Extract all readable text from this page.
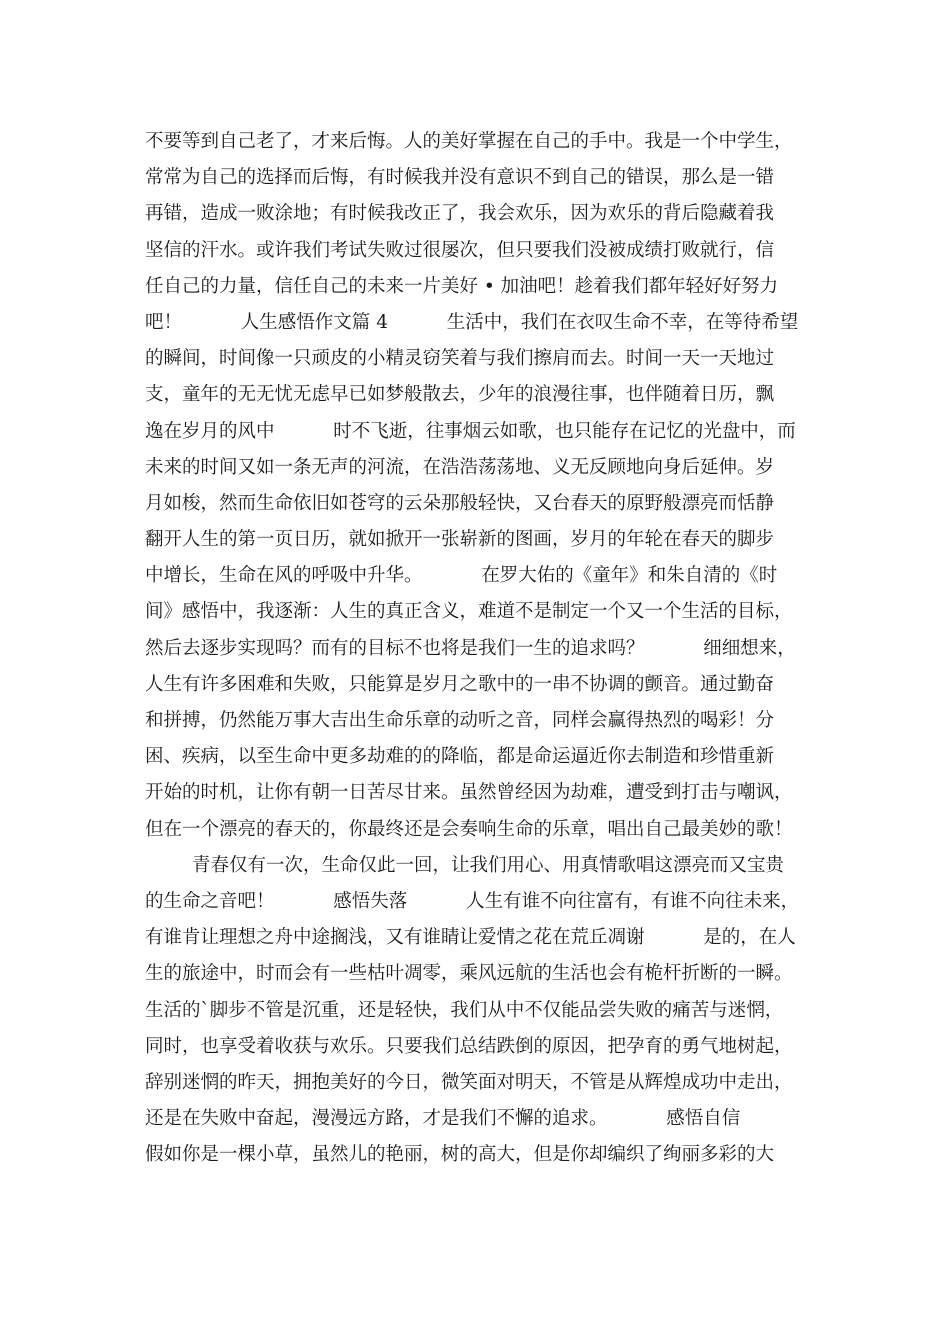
不要等到自己老了，才来后悔。人的美好掌握在自己的手中。我是一个中学生，
常常为自己的选择而后悔，有时候我并没有意识不到自己的错误，那么是一错
再错，造成一败涂地；有时候我改正了，我会欢乐，因为欢乐的背后隐藏着我
坚信的汗水。或许我们考试失败过很屡次，但只要我们没被成绩打败就行，信
任自己的力量，信任自己的未来一片美好 • 加油吧！趁着我们都年轻好好努力
吧！          人生感悟作文篇 4          生活中，我们在衣叹生命不幸，在等待希望
的瞬间，时间像一只顽皮的小精灵窃笑着与我们擦肩而去。时间一天一天地过
支，童年的无无忧无虑早已如梦般散去，少年的浪漫往事，也伴随着日历，飘
逸在岁月的风中          时不飞逝，往事烟云如歌，也只能存在记忆的光盘中，而
未来的时间又如一条无声的河流，在浩浩荡荡地、义无反顾地向身后延伸。岁
月如梭，然而生命依旧如苍穹的云朵那般轻快，又台春天的原野般漂亮而恬静
翻开人生的第一页日历，就如掀开一张崭新的图画，岁月的年轮在春天的脚步
中增长，生命在风的呼吸中升华。          在罗大佑的《童年》和朱自清的《时
间》感悟中，我逐渐：人生的真正含义，难道不是制定一个又一个生活的目标，
然后去逐步实现吗？而有的目标不也将是我们一生的追求吗？          细细想来，
人生有许多困难和失败，只能算是岁月之歌中的一串不协调的颤音。通过勤奋
和拼搏，仍然能万事大吉出生命乐章的动听之音，同样会赢得热烈的喝彩！分
困、疾病，以至生命中更多劫难的的降临，都是命运逼近你去制造和珍惜重新
开始的时机，让你有朝一日苦尽甘来。虽然曾经因为劫难，遭受到打击与嘲讽，
但在一个漂亮的春天的，你最终还是会奏响生命的乐章，唱出自己最美妙的歌！
青春仅有一次，生命仅此一回，让我们用心、用真情歌唱这漂亮而又宝贵
的生命之音吧！          感悟失落          人生有谁不向往富有，有谁不向往未来，
有谁肯让理想之舟中途搁浅，又有谁睛让爱情之花在荒丘凋谢          是的，在人
生的旅途中，时而会有一些枯叶凋零，乘风远航的生活也会有桅杆折断的一瞬。
生活的`脚步不管是沉重，还是轻快，我们从中不仅能品尝失败的痛苦与迷惘，
同时，也享受着收获与欢乐。只要我们总结跌倒的原因，把孕育的勇气地树起，
辞别迷惘的昨天，拥抱美好的今日，微笑面对明天，不管是从辉煌成功中走出，
还是在失败中奋起，漫漫远方路，才是我们不懈的追求。          感悟自信
假如你是一棵小草，虽然儿的艳丽，树的高大，但是你却编织了绚丽多彩的大
